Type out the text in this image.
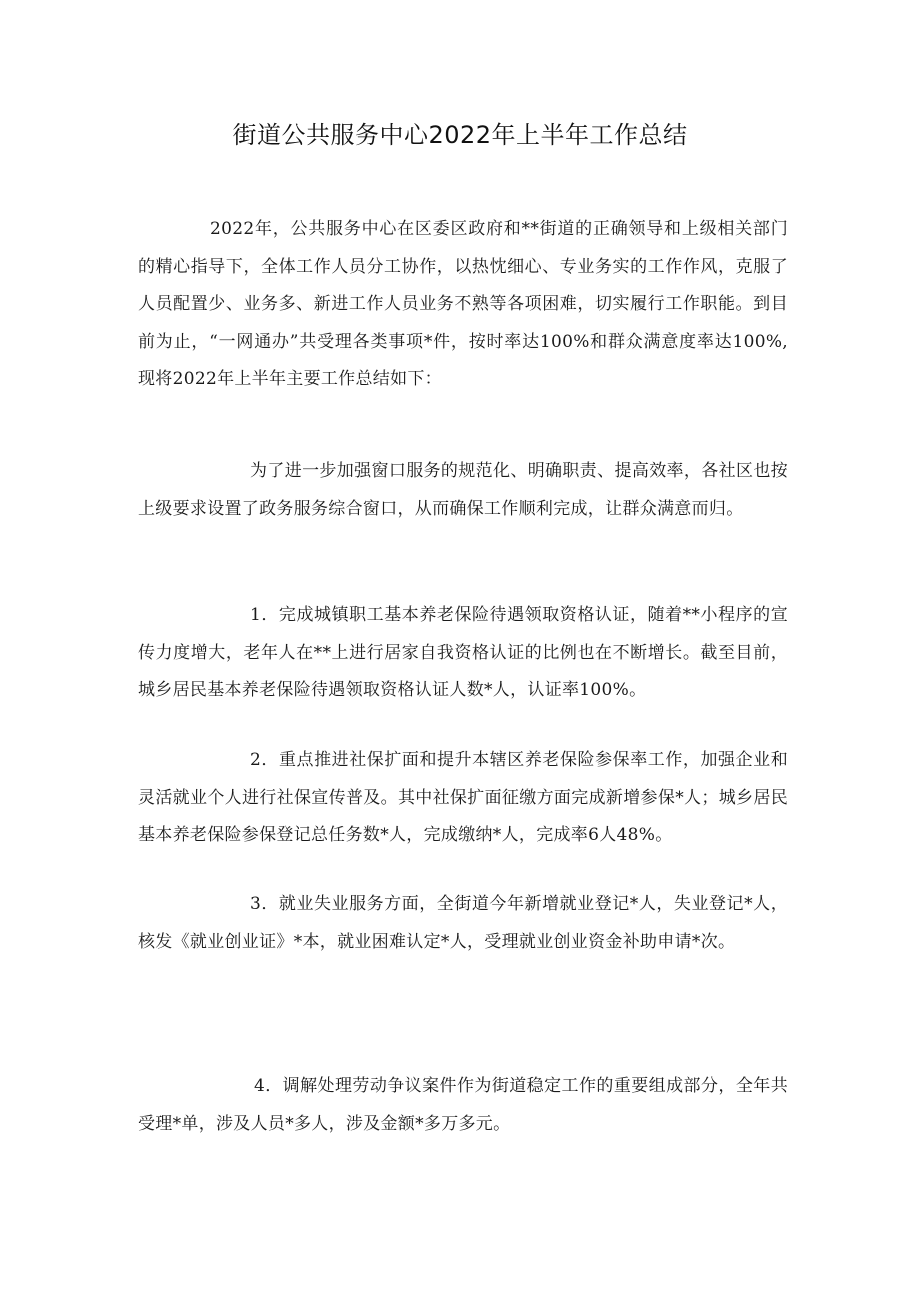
街道公共服务中心2022年上半年工作总结

2022年，公共服务中心在区委区政府和**街道的正确领导和上级相关部门的精心指导下，全体工作人员分工协作，以热忱细心、专业务实的工作作风，克服了人员配置少、业务多、新进工作人员业务不熟等各项困难，切实履行工作职能。到目前为止，“一网通办”共受理各类事项*件，按时率达100%和群众满意度率达100%,现将2022年上半年主要工作总结如下：

为了进一步加强窗口服务的规范化、明确职责、提高效率，各社区也按上级要求设置了政务服务综合窗口，从而确保工作顺利完成，让群众满意而归。

1．完成城镇职工基本养老保险待遇领取资格认证，随着**小程序的宣传力度增大，老年人在**上进行居家自我资格认证的比例也在不断增长。截至目前，城乡居民基本养老保险待遇领取资格认证人数*人，认证率100%。

2．重点推进社保扩面和提升本辖区养老保险参保率工作，加强企业和灵活就业个人进行社保宣传普及。其中社保扩面征缴方面完成新增参保*人；城乡居民基本养老保险参保登记总任务数*人，完成缴纳*人，完成率6人48%。

3．就业失业服务方面，全街道今年新增就业登记*人，失业登记*人，核发《就业创业证》*本，就业困难认定*人，受理就业创业资金补助申请*次。

4．调解处理劳动争议案件作为街道稳定工作的重要组成部分，全年共受理*单，涉及人员*多人，涉及金额*多万多元。
